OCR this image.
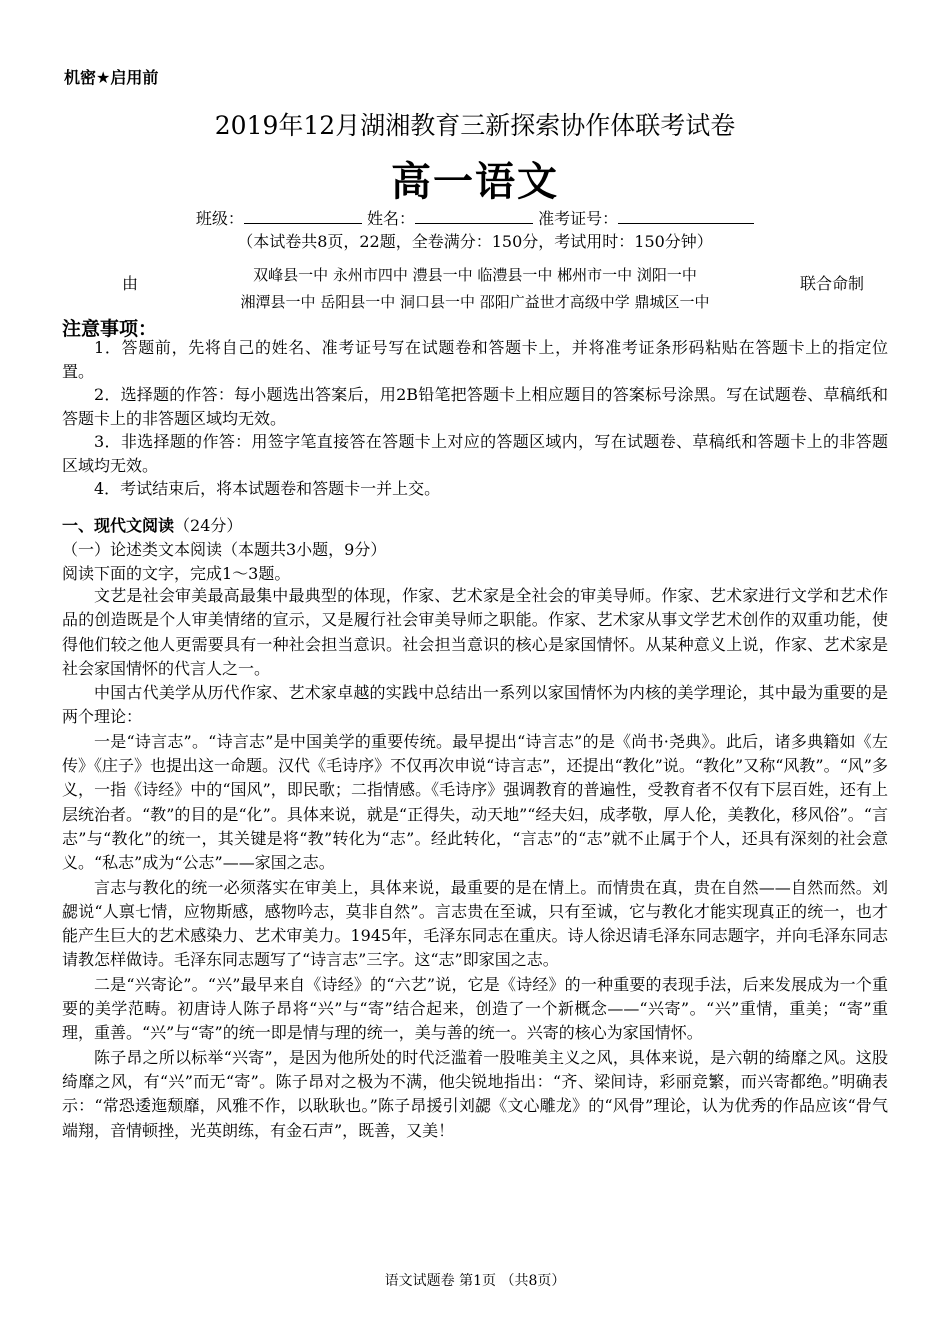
机密★启用前
2019年12月湖湘教育三新探索协作体联考试卷
高一语文
班级：	姓名：	准考证号：
（本试卷共8页，22题，全卷满分：150分，考试用时：150分钟）
由	双峰县一中 永州市四中 澧县一中 临澧县一中 郴州市一中 浏阳一中
湘潭县一中 岳阳县一中 洞口县一中 邵阳广益世才高级中学 鼎城区一中
联合命制
注意事项：

1．答题前，先将自己的姓名、准考证号写在试题卷和答题卡上，并将准考证条形码粘贴在答题卡上的指定位置。

2．选择题的作答：每小题选出答案后，用2B铅笔把答题卡上相应题目的答案标号涂黑。写在试题卷、草稿纸和答题卡上的非答题区域均无效。

3．非选择题的作答：用签字笔直接答在答题卡上对应的答题区域内，写在试题卷、草稿纸和答题卡上的非答题区域均无效。

4．考试结束后，将本试题卷和答题卡一并上交。

一、现代文阅读（24分）
（一）论述类文本阅读（本题共3小题，9分）
阅读下面的文字，完成1～3题。

文艺是社会审美最高最集中最典型的体现，作家、艺术家是全社会的审美导师。作家、艺术家进行文学和艺术作品的创造既是个人审美情绪的宣示，又是履行社会审美导师之职能。作家、艺术家从事文学艺术创作的双重功能，使得他们较之他人更需要具有一种社会担当意识。社会担当意识的核心是家国情怀。从某种意义上说，作家、艺术家是社会家国情怀的代言人之一。

中国古代美学从历代作家、艺术家卓越的实践中总结出一系列以家国情怀为内核的美学理论，其中最为重要的是两个理论：

一是“诗言志”。“诗言志”是中国美学的重要传统。最早提出“诗言志”的是《尚书·尧典》。此后，诸多典籍如《左传》《庄子》也提出这一命题。汉代《毛诗序》不仅再次申说“诗言志”，还提出“教化”说。“教化”又称“风教”。“风”多义，一指《诗经》中的“国风”，即民歌；二指情感。《毛诗序》强调教育的普遍性，受教育者不仅有下层百姓，还有上层统治者。“教”的目的是“化”。具体来说，就是“正得失，动天地”“经夫妇，成孝敬，厚人伦，美教化，移风俗”。“言志”与“教化”的统一，其关键是将“教”转化为“志”。经此转化，“言志”的“志”就不止属于个人，还具有深刻的社会意义。“私志”成为“公志”——家国之志。

言志与教化的统一必须落实在审美上，具体来说，最重要的是在情上。而情贵在真，贵在自然——自然而然。刘勰说“人禀七情，应物斯感，感物吟志，莫非自然”。言志贵在至诚，只有至诚，它与教化才能实现真正的统一，也才能产生巨大的艺术感染力、艺术审美力。1945年，毛泽东同志在重庆。诗人徐迟请毛泽东同志题字，并向毛泽东同志请教怎样做诗。毛泽东同志题写了“诗言志”三字。这“志”即家国之志。

二是“兴寄论”。“兴”最早来自《诗经》的“六艺”说，它是《诗经》的一种重要的表现手法，后来发展成为一个重要的美学范畴。初唐诗人陈子昂将“兴”与“寄”结合起来，创造了一个新概念——“兴寄”。“兴”重情，重美；“寄”重理，重善。“兴”与“寄”的统一即是情与理的统一，美与善的统一。兴寄的核心为家国情怀。

陈子昂之所以标举“兴寄”，是因为他所处的时代泛滥着一股唯美主义之风，具体来说，是六朝的绮靡之风。这股绮靡之风，有“兴”而无“寄”。陈子昂对之极为不满，他尖锐地指出：“齐、梁间诗，彩丽竞繁，而兴寄都绝。”明确表示：“常恐逶迤颓靡，风雅不作，以耿耿也。”陈子昂援引刘勰《文心雕龙》的“风骨”理论，认为优秀的作品应该“骨气端翔，音情顿挫，光英朗练，有金石声”，既善，又美！

语文试题卷 第1页 （共8页）
